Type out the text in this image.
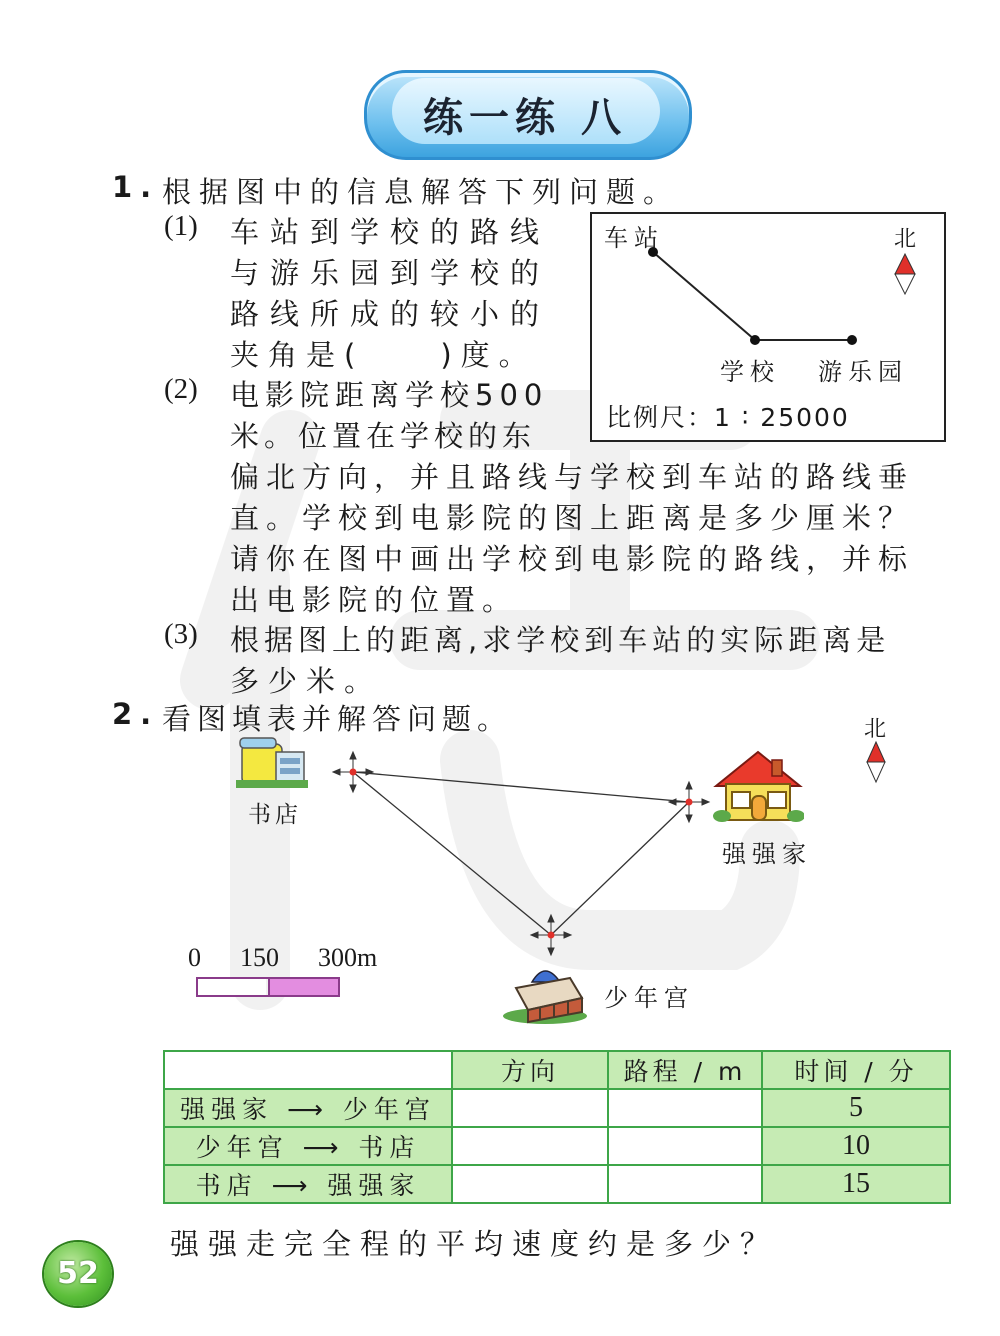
练一练 八
1. 根据图中的信息解答下列问题。
(1) 车站到学校的路线
与游乐园到学校的
路线所成的较小的
夹角是(　　)度。
(2) 电影院距离学校500
米。位置在学校的东
偏北方向，并且路线与学校到车站的路线垂
直。学校到电影院的图上距离是多少厘米？
请你在图中画出学校到电影院的路线，并标
出电影院的位置。
(3) 根据图上的距离,求学校到车站的实际距离是
多少米。
车站	北
学校 游乐园
比例尺：1 ∶ 25000
2. 看图填表并解答问题。	北
书店
强强家
少年宫
0 150 300m
	方向	路程 / m	时间 / 分
强强家 ⟶ 少年宫			5
少年宫 ⟶ 书店			10
书店 ⟶ 强强家			15
强强走完全程的平均速度约是多少？
52
